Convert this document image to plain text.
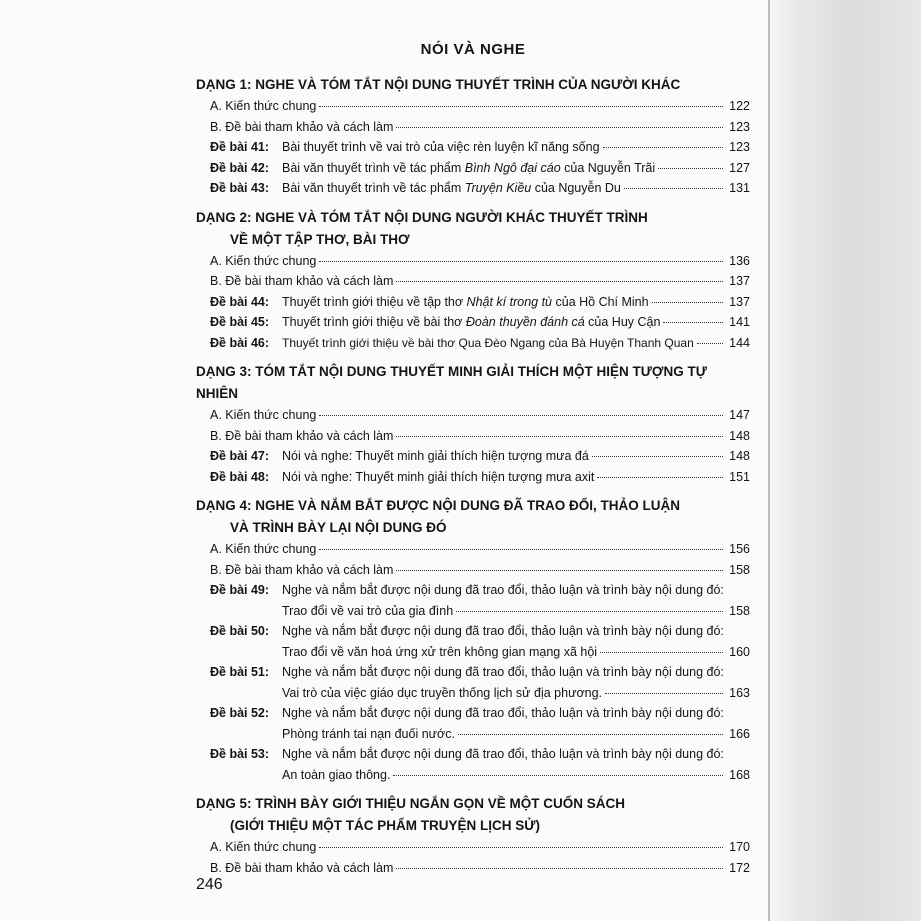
NÓI VÀ NGHE
DẠNG 1: NGHE VÀ TÓM TẮT NỘI DUNG THUYẾT TRÌNH CỦA NGƯỜI KHÁC
A. Kiến thức chung	122
B. Đề bài tham khảo và cách làm	123
Đề bài 41:	Bài thuyết trình về vai trò của việc rèn luyện kĩ năng sống	123
Đề bài 42:	Bài văn thuyết trình về tác phẩm Bình Ngô đại cáo của Nguyễn Trãi	127
Đề bài 43:	Bài văn thuyết trình về tác phẩm Truyện Kiều của Nguyễn Du	131
DẠNG 2: NGHE VÀ TÓM TẮT NỘI DUNG NGƯỜI KHÁC THUYẾT TRÌNH
VỀ MỘT TẬP THƠ, BÀI THƠ
A. Kiến thức chung	136
B. Đề bài tham khảo và cách làm	137
Đề bài 44:	Thuyết trình giới thiệu về tập thơ Nhật kí trong tù của Hồ Chí Minh	137
Đề bài 45:	Thuyết trình giới thiệu về bài thơ Đoàn thuyền đánh cá của Huy Cận	141
Đề bài 46:	Thuyết trình giới thiệu về bài thơ Qua Đèo Ngang của Bà Huyện Thanh Quan	144
DẠNG 3: TÓM TẮT NỘI DUNG THUYẾT MINH GIẢI THÍCH MỘT HIỆN TƯỢNG TỰ NHIÊN
A. Kiến thức chung	147
B. Đề bài tham khảo và cách làm	148
Đề bài 47:	Nói và nghe: Thuyết minh giải thích hiện tượng mưa đá	148
Đề bài 48:	Nói và nghe: Thuyết minh giải thích hiện tượng mưa axit	151
DẠNG 4: NGHE VÀ NẮM BẮT ĐƯỢC NỘI DUNG ĐÃ TRAO ĐỔI, THẢO LUẬN
VÀ TRÌNH BÀY LẠI NỘI DUNG ĐÓ
A. Kiến thức chung	156
B. Đề bài tham khảo và cách làm	158
Đề bài 49:	Nghe và nắm bắt được nội dung đã trao đổi, thảo luận và trình bày nội dung đó:
Trao đổi về vai trò của gia đình	158
Đề bài 50:	Nghe và nắm bắt được nội dung đã trao đổi, thảo luận và trình bày nội dung đó:
Trao đổi về văn hoá ứng xử trên không gian mạng xã hội	160
Đề bài 51:	Nghe và nắm bắt được nội dung đã trao đổi, thảo luận và trình bày nội dung đó:
Vai trò của việc giáo dục truyền thống lịch sử địa phương.	163
Đề bài 52:	Nghe và nắm bắt được nội dung đã trao đổi, thảo luận và trình bày nội dung đó:
Phòng tránh tai nạn đuối nước.	166
Đề bài 53:	Nghe và nắm bắt được nội dung đã trao đổi, thảo luận và trình bày nội dung đó:
An toàn giao thông.	168
DẠNG 5: TRÌNH BÀY GIỚI THIỆU NGẮN GỌN VỀ MỘT CUỐN SÁCH
(GIỚI THIỆU MỘT TÁC PHẨM TRUYỆN LỊCH SỬ)
A. Kiến thức chung	170
B. Đề bài tham khảo và cách làm	172
246
